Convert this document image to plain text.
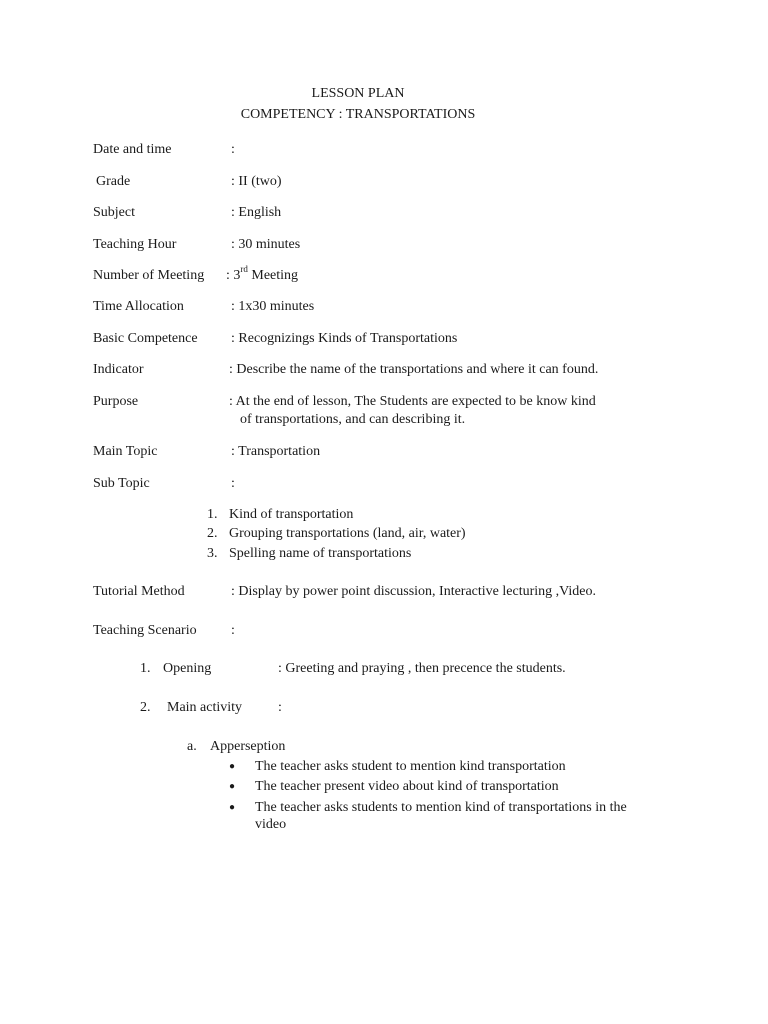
LESSON PLAN
COMPETENCY : TRANSPORTATIONS
Date and time	:
Grade	: II (two)
Subject	: English
Teaching Hour	: 30 minutes
Number of Meeting : 3rd Meeting
Time Allocation	: 1x30 minutes
Basic Competence : Recognizings Kinds of Transportations
Indicator	: Describe the name of the transportations and where it can found.
Purpose	: At the end of lesson, The Students are expected to be know kind
of transportations, and can describing it.
Main Topic	: Transportation
Sub Topic	:
1. Kind of transportation
2. Grouping transportations (land, air, water)
3. Spelling name of transportations
Tutorial Method	: Display by power point discussion, Interactive lecturing ,Video.
Teaching Scenario :
1. Opening	: Greeting and praying , then precence the students.
2. Main activity	:
a. Apperseption
● The teacher asks student to mention kind transportation
● The teacher present video about kind of transportation
● The teacher asks students to mention kind of transportations in the
video
